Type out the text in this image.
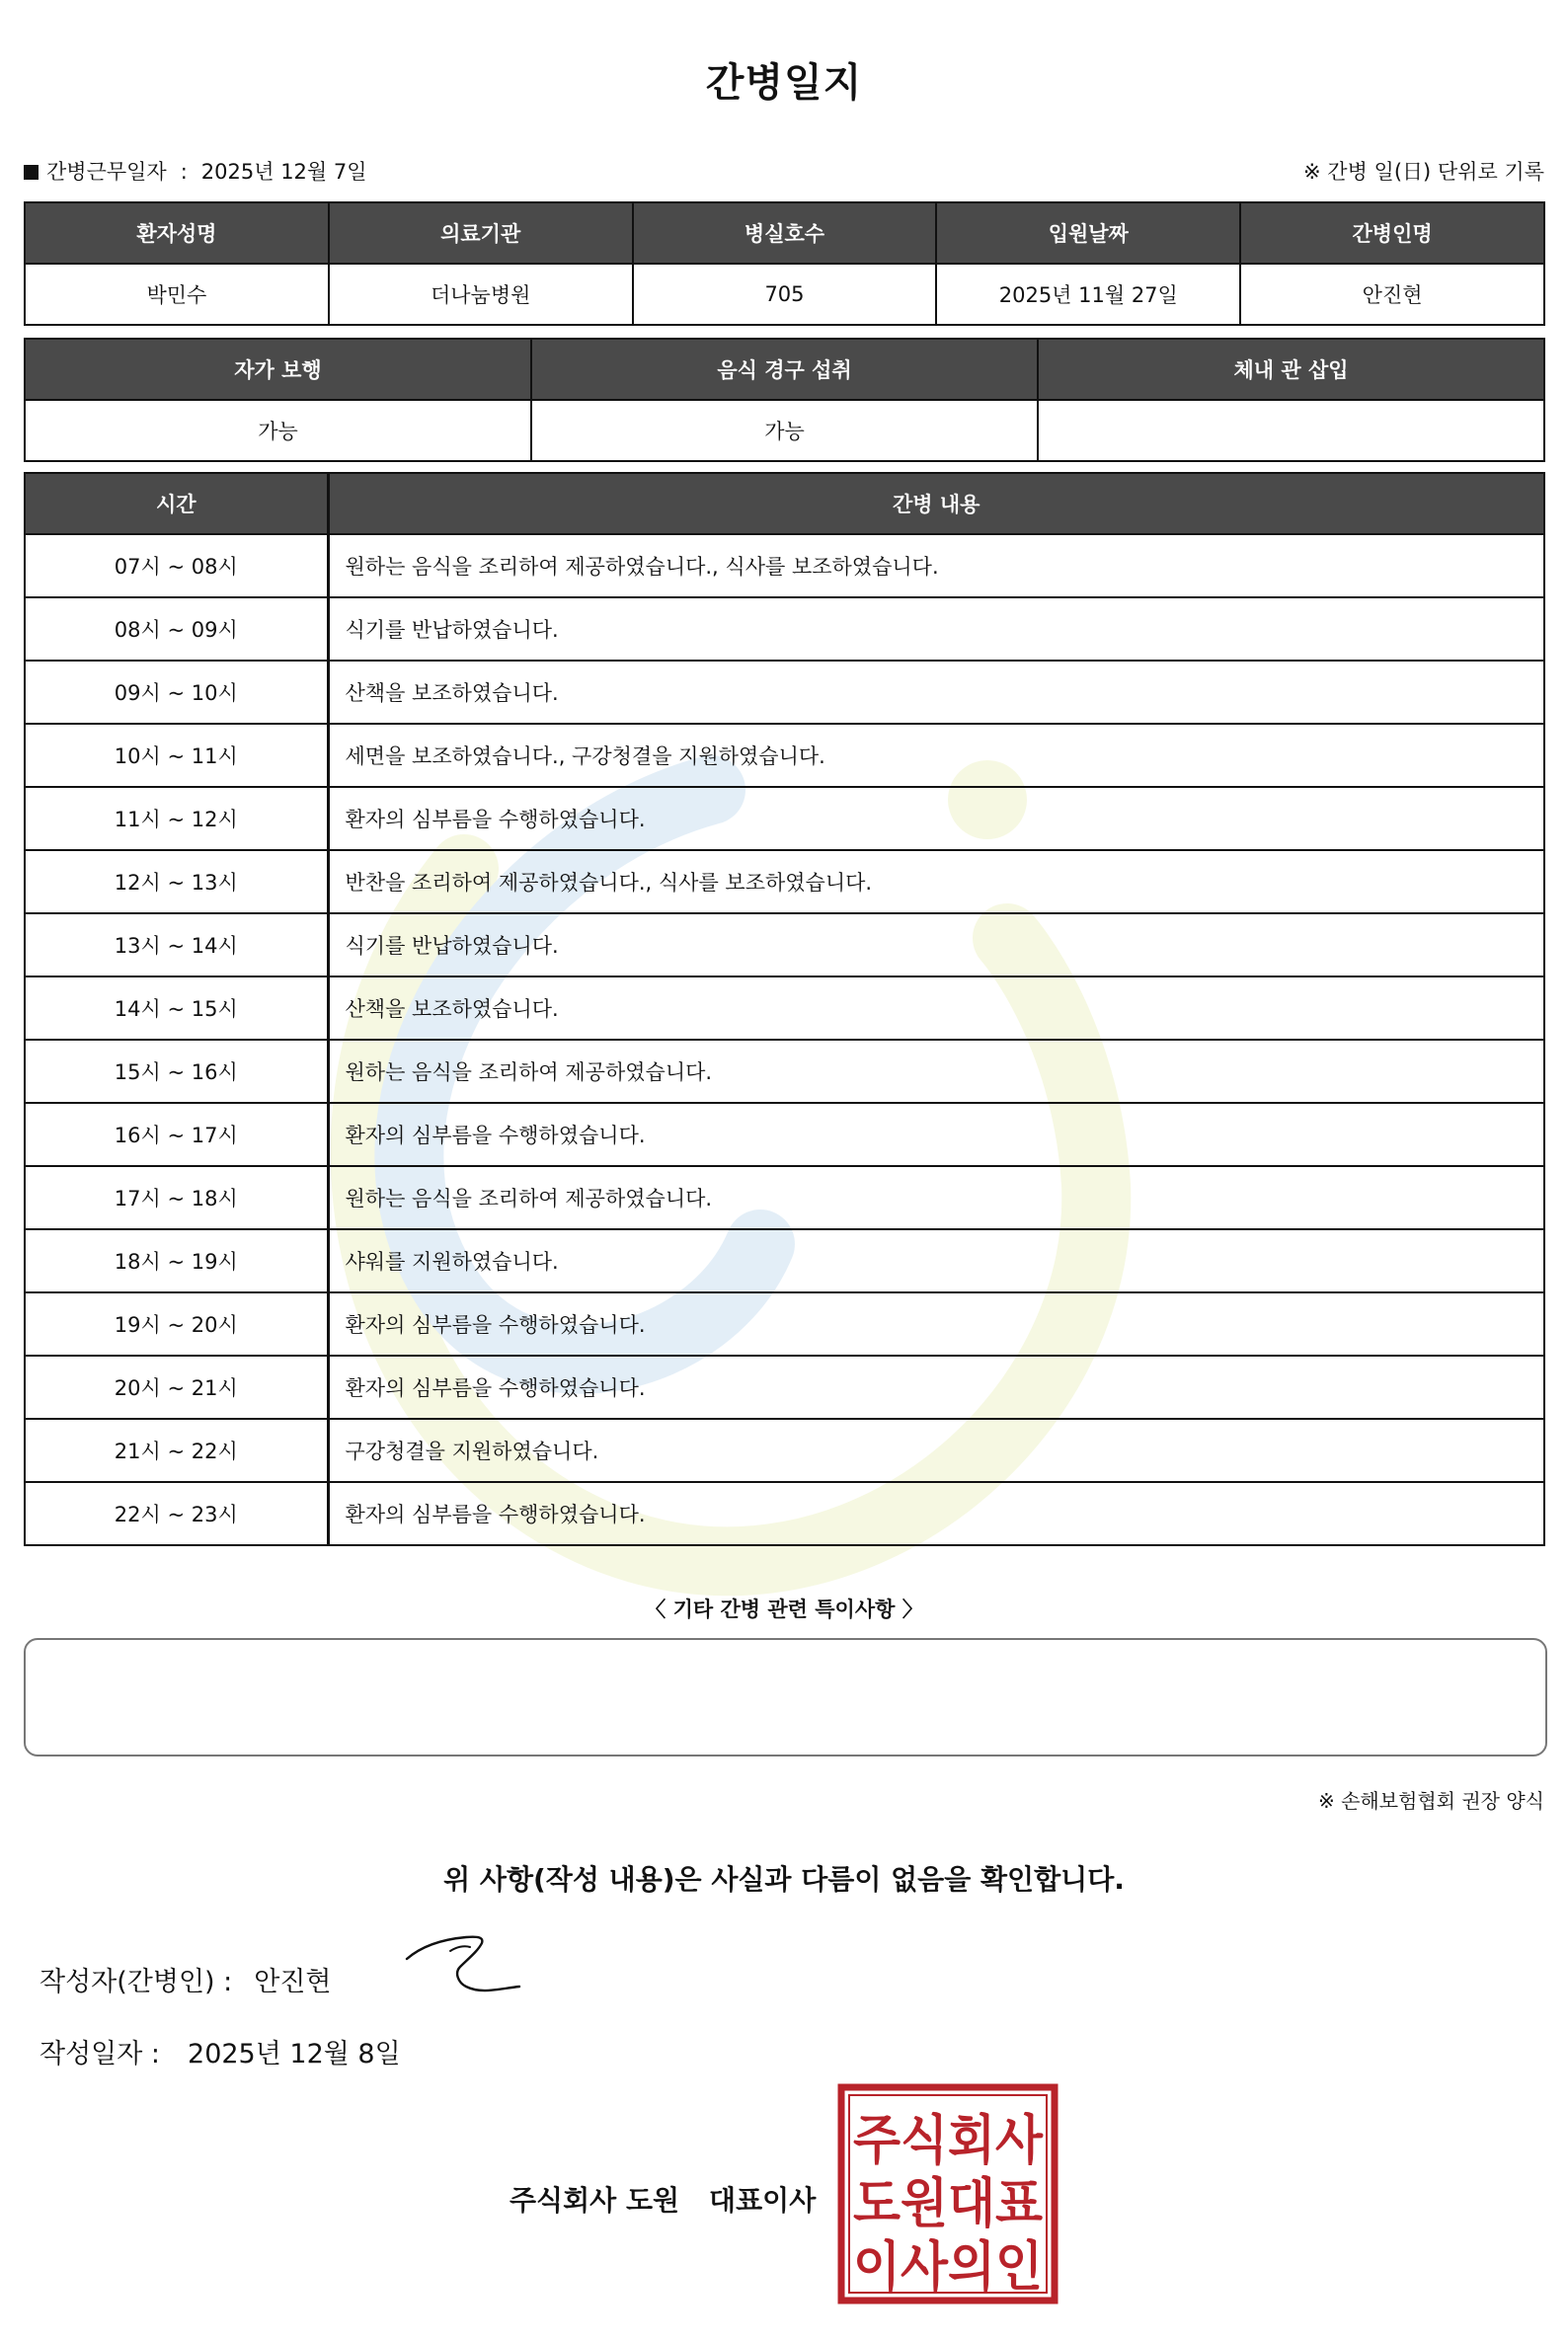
간병일지
간병근무일자 : 2025년 12월 7일	※ 간병 일(日) 단위로 기록
환자성명	의료기관	병실호수	입원날짜	간병인명
박민수	더나눔병원	705	2025년 11월 27일	안진현
자가 보행	음식 경구 섭취	체내 관 삽입
가능	가능	
시간	간병 내용
07시 ~ 08시	원하는 음식을 조리하여 제공하였습니다., 식사를 보조하였습니다.
08시 ~ 09시	식기를 반납하였습니다.
09시 ~ 10시	산책을 보조하였습니다.
10시 ~ 11시	세면을 보조하였습니다., 구강청결을 지원하였습니다.
11시 ~ 12시	환자의 심부름을 수행하였습니다.
12시 ~ 13시	반찬을 조리하여 제공하였습니다., 식사를 보조하였습니다.
13시 ~ 14시	식기를 반납하였습니다.
14시 ~ 15시	산책을 보조하였습니다.
15시 ~ 16시	원하는 음식을 조리하여 제공하였습니다.
16시 ~ 17시	환자의 심부름을 수행하였습니다.
17시 ~ 18시	원하는 음식을 조리하여 제공하였습니다.
18시 ~ 19시	샤워를 지원하였습니다.
19시 ~ 20시	환자의 심부름을 수행하였습니다.
20시 ~ 21시	환자의 심부름을 수행하였습니다.
21시 ~ 22시	구강청결을 지원하였습니다.
22시 ~ 23시	환자의 심부름을 수행하였습니다.
〈 기타 간병 관련 특이사항 〉
※ 손해보험협회 권장 양식
위 사항(작성 내용)은 사실과 다름이 없음을 확인합니다.
작성자(간병인) : 안진현
작성일자 : 2025년 12월 8일
주식회사 도원 대표이사
주식회사
도원대표
이사의인
